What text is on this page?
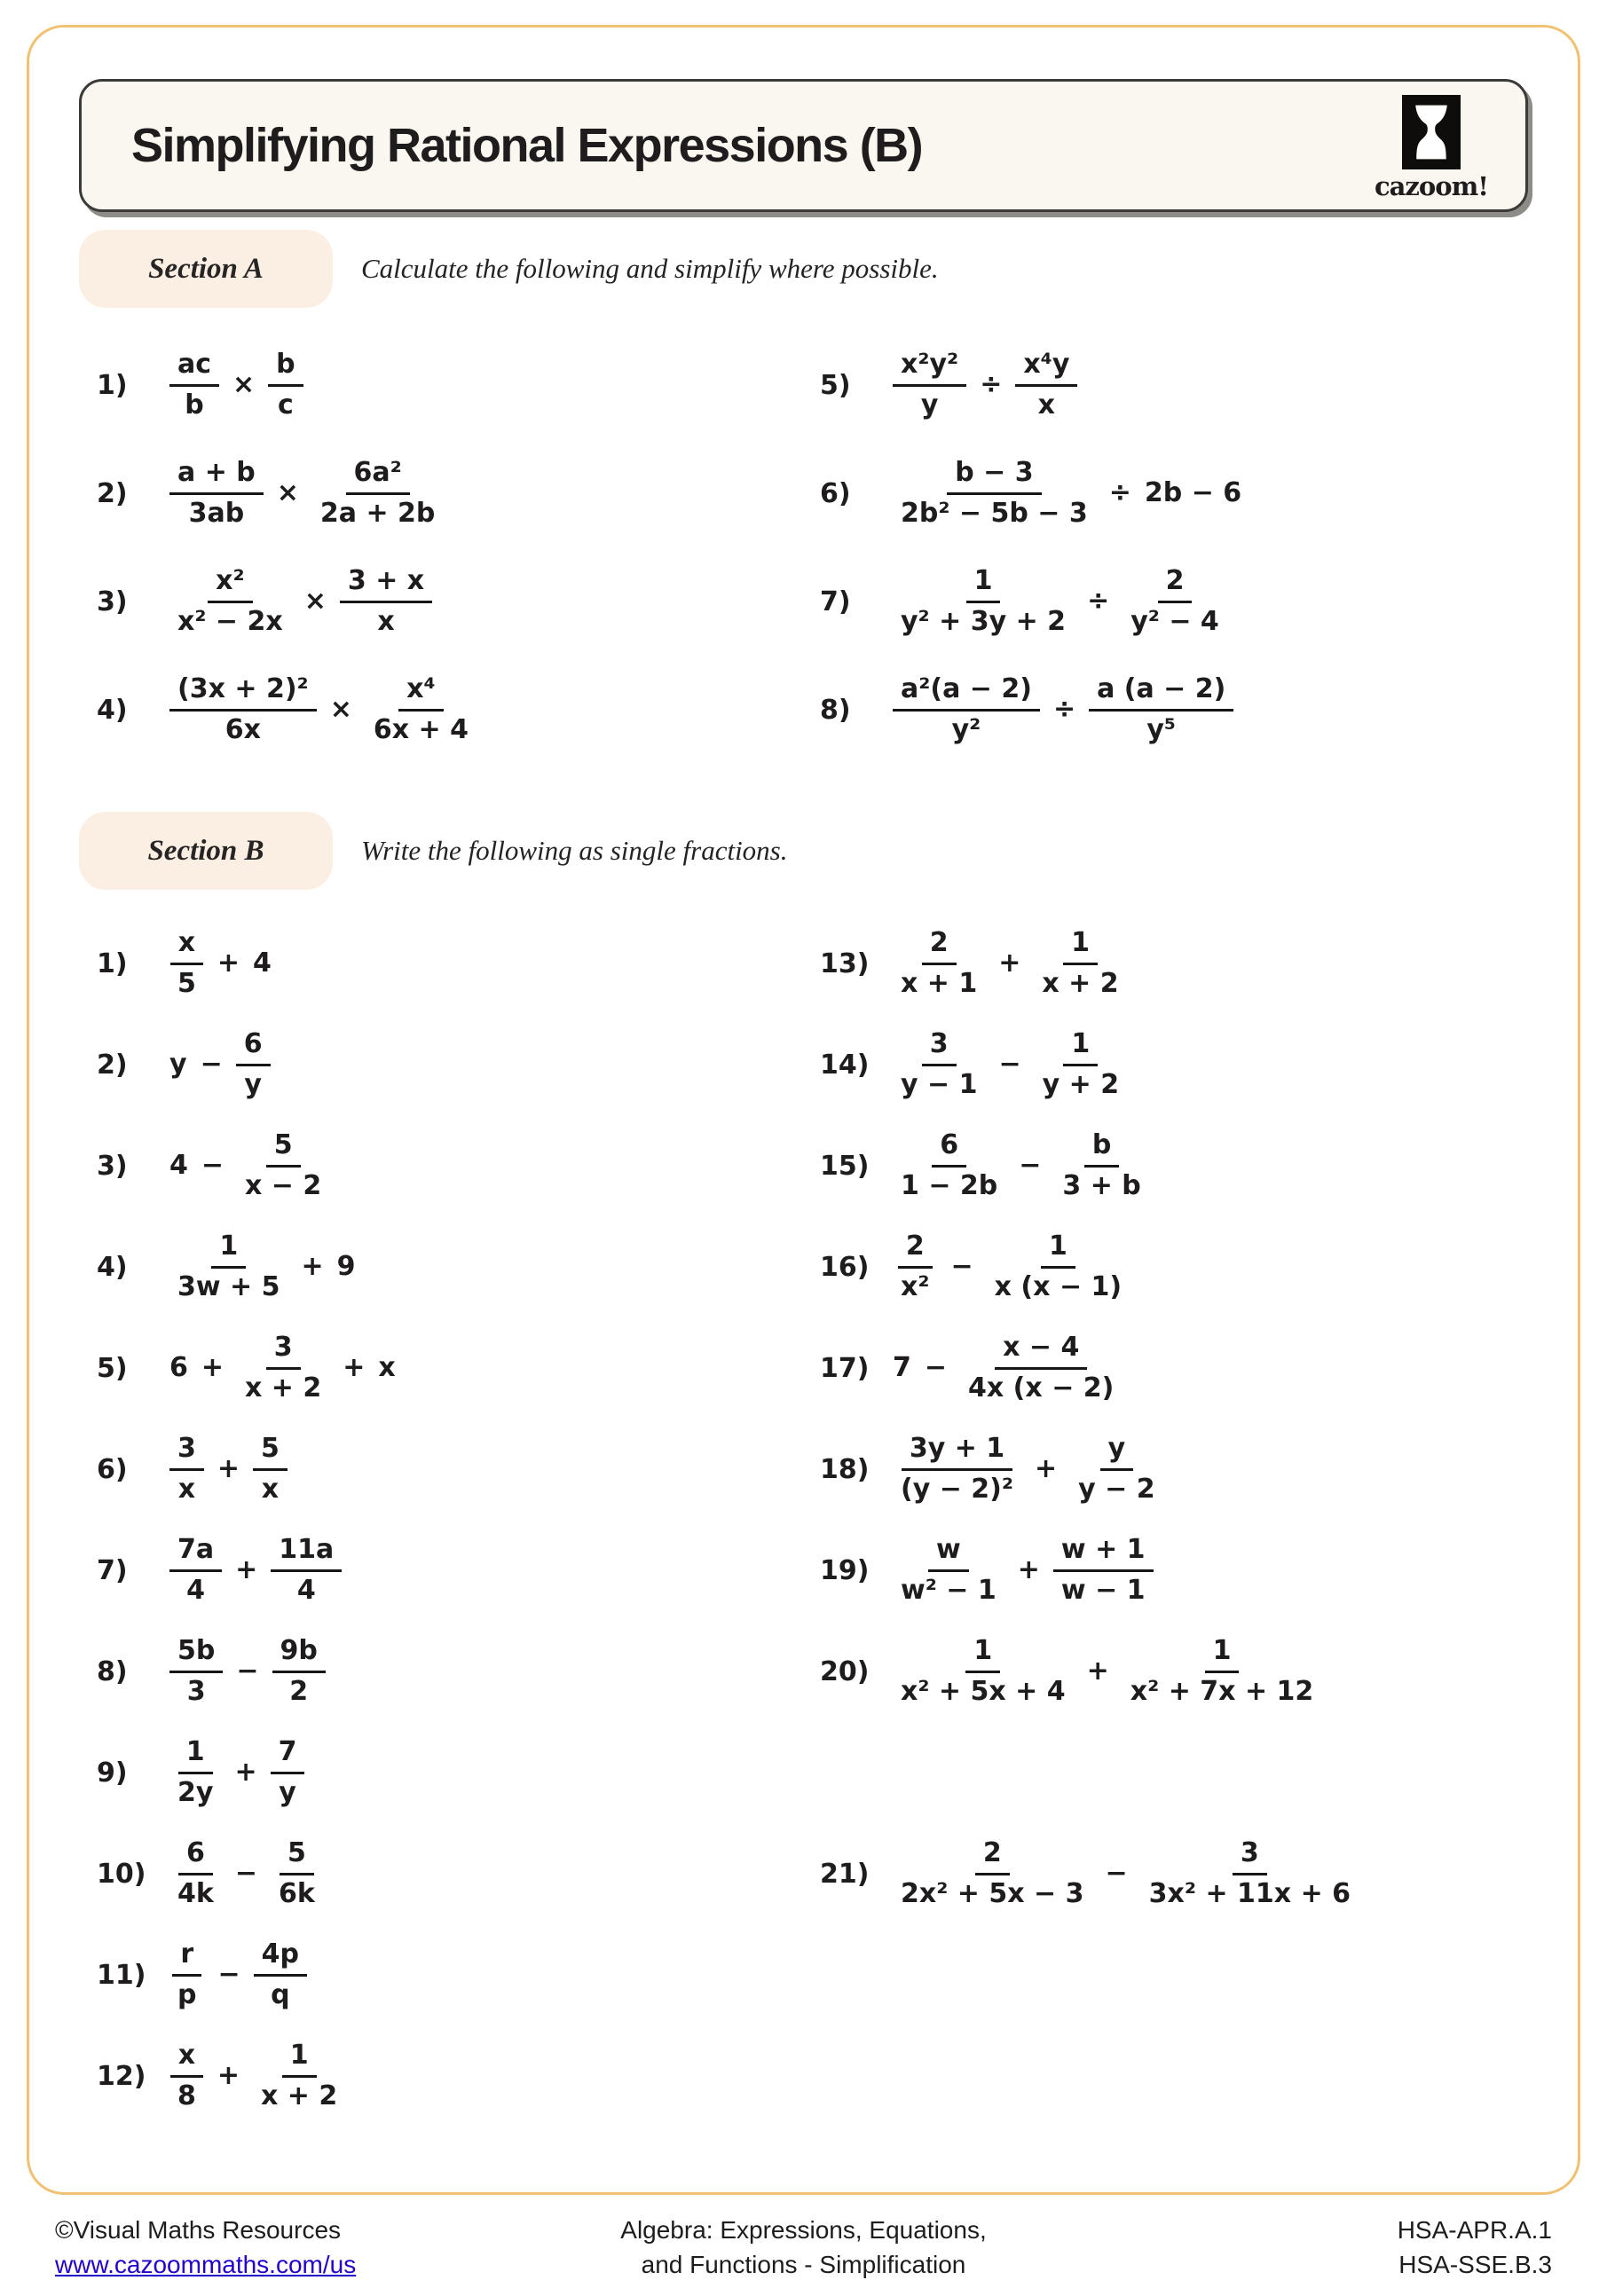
Simplifying Rational Expressions (B)
cazoom!
Section A	Calculate the following and simplify where possible.
1)	$\frac{ac}{b} \times \frac{b}{c}$
2)	$\frac{a + b}{3ab} \times \frac{\text{6a²}}{2a + 2b}$
3)	$\frac{\text{x²}}{\text{x² − 2x}} \times \frac{3 + x}{x}$
4)	$\frac{\text{(3x + 2)²}}{6x} \times \frac{\text{x⁴}}{6x + 4}$
5)	$\frac{\text{x²y²}}{y} \div \frac{\text{x⁴y}}{x}$
6)	$\frac{b - 3}{\text{2b² − 5b − 3}} \div 2b - 6$
7)	$\frac{1}{\text{y² + 3y + 2}} \div \frac{2}{\text{y² − 4}}$
8)	$\frac{\text{a²(a − 2)}}{\text{y²}} \div \frac{a (a - 2)}{\text{y⁵}}$
Section B	Write the following as single fractions.
1)	$\frac{x}{5} + 4$
2)	$y - \frac{6}{y}$
3)	$4 - \frac{5}{x - 2}$
4)	$\frac{1}{3w + 5} + 9$
5)	$6 + \frac{3}{x + 2} + x$
6)	$\frac{3}{x} + \frac{5}{x}$
7)	$\frac{7a}{4} + \frac{11a}{4}$
8)	$\frac{5b}{3} - \frac{9b}{2}$
9)	$\frac{1}{2y} + \frac{7}{y}$
$10) \frac{6}{4k} - \frac{5}{6k}$
$11) \frac{r}{p} - \frac{4p}{q}$
$12) \frac{x}{8} + \frac{1}{x + 2}$
$13) \frac{2}{x + 1} + \frac{1}{x + 2}$
$14) \frac{3}{y - 1} - \frac{1}{y + 2}$
$15) \frac{6}{1 - 2b} - \frac{b}{3 + b}$
$16) \frac{2}{\text{x²}} - \frac{1}{x (x - 1)}$
17) $7 - \frac{x - 4}{4x (x - 2)}$
$18) \frac{3y + 1}{\text{(y − 2)²}} + \frac{y}{y - 2}$
$19) \frac{w}{\text{w² − 1}} + \frac{w + 1}{w - 1}$
$20) \frac{1}{\text{x² + 5x + 4}} + \frac{1}{\text{x² + 7x + 12}}$
$21) \frac{2}{\text{2x² + 5x − 3}} - \frac{3}{\text{3x² + 11x + 6}}$
©Visual Maths Resources
www.cazoommaths.com/us
Algebra: Expressions, Equations,
and Functions - Simplification
HSA-APR.A.1
HSA-SSE.B.3
